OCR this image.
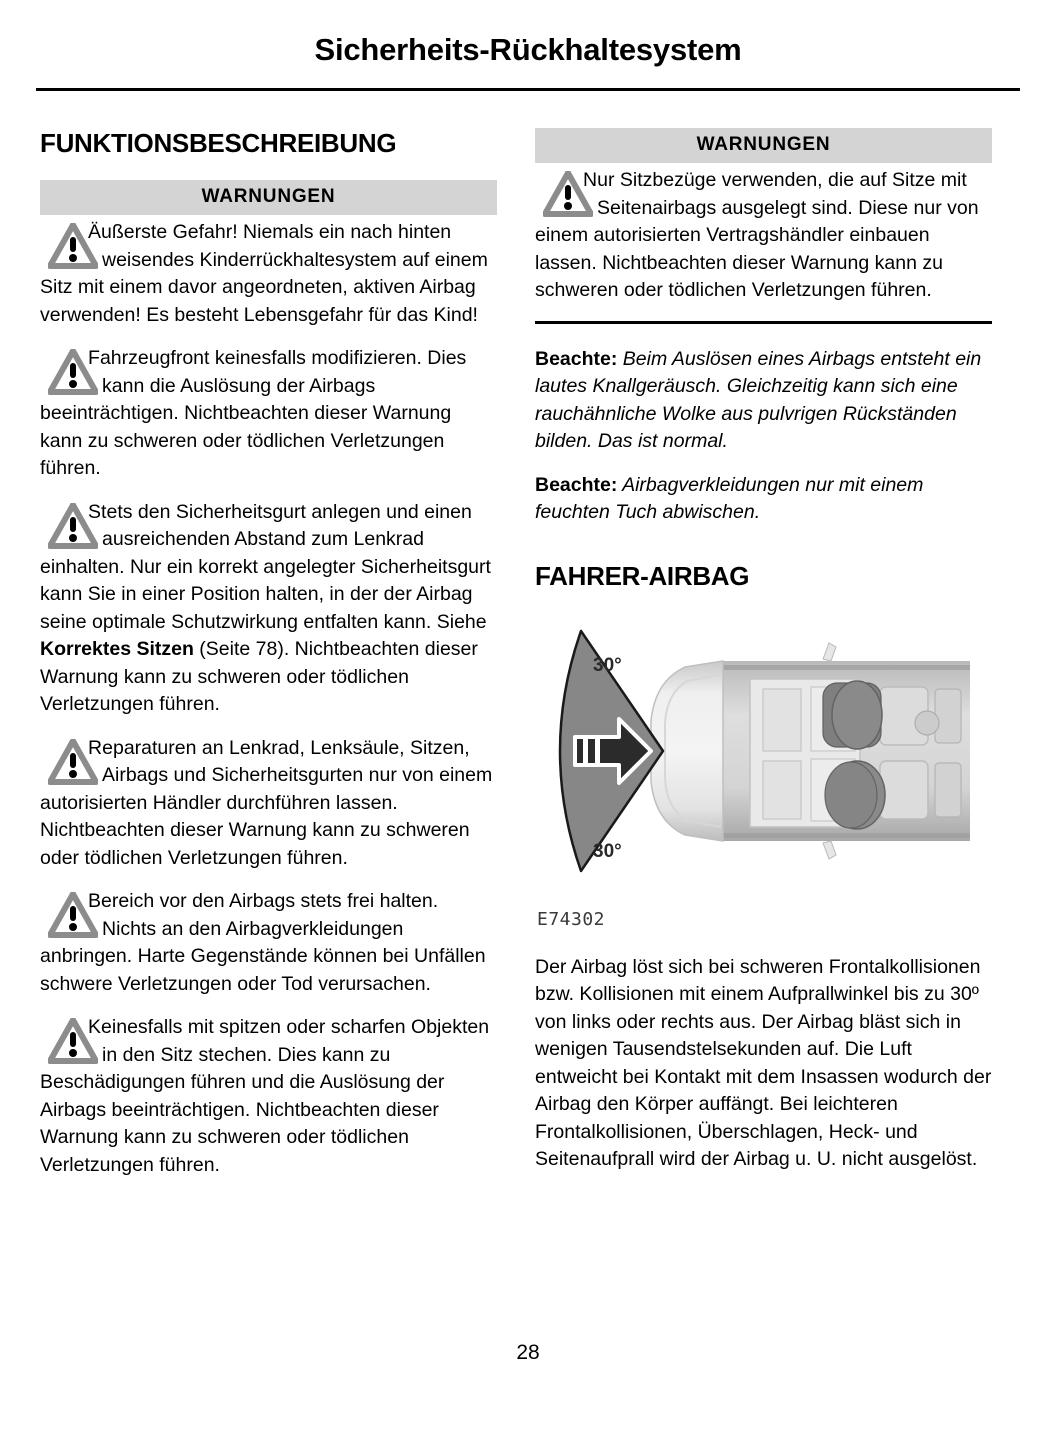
Sicherheits-Rückhaltesystem
FUNKTIONSBESCHREIBUNG
WARNUNGEN

Äußerste Gefahr! Niemals ein nach hinten weisendes Kinderrückhaltesystem auf einem Sitz mit einem davor angeordneten, aktiven Airbag verwenden! Es besteht Lebensgefahr für das Kind!

Fahrzeugfront keinesfalls modifizieren. Dies kann die Auslösung der Airbags beeinträchtigen. Nichtbeachten dieser Warnung kann zu schweren oder tödlichen Verletzungen führen.

Stets den Sicherheitsgurt anlegen und einen ausreichenden Abstand zum Lenkrad einhalten. Nur ein korrekt angelegter Sicherheitsgurt kann Sie in einer Position halten, in der der Airbag seine optimale Schutzwirkung entfalten kann. Siehe Korrektes Sitzen (Seite 78). Nichtbeachten dieser Warnung kann zu schweren oder tödlichen Verletzungen führen.

Reparaturen an Lenkrad, Lenksäule, Sitzen, Airbags und Sicherheitsgurten nur von einem autorisierten Händler durchführen lassen. Nichtbeachten dieser Warnung kann zu schweren oder tödlichen Verletzungen führen.

Bereich vor den Airbags stets frei halten. Nichts an den Airbagverkleidungen anbringen. Harte Gegenstände können bei Unfällen schwere Verletzungen oder Tod verursachen.

Keinesfalls mit spitzen oder scharfen Objekten in den Sitz stechen. Dies kann zu Beschädigungen führen und die Auslösung der Airbags beeinträchtigen. Nichtbeachten dieser Warnung kann zu schweren oder tödlichen Verletzungen führen.

WARNUNGEN

Nur Sitzbezüge verwenden, die auf Sitze mit Seitenairbags ausgelegt sind. Diese nur von einem autorisierten Vertragshändler einbauen lassen. Nichtbeachten dieser Warnung kann zu schweren oder tödlichen Verletzungen führen.

Beachte: Beim Auslösen eines Airbags entsteht ein lautes Knallgeräusch. Gleichzeitig kann sich eine rauchähnliche Wolke aus pulvrigen Rückständen bilden. Das ist normal.

Beachte: Airbagverkleidungen nur mit einem feuchten Tuch abwischen.

FAHRER-AIRBAG
30°
30°
E74302

Der Airbag löst sich bei schweren Frontalkollisionen bzw. Kollisionen mit einem Aufprallwinkel bis zu 30º von links oder rechts aus. Der Airbag bläst sich in wenigen Tausendstelsekunden auf. Die Luft entweicht bei Kontakt mit dem Insassen wodurch der Airbag den Körper auffängt. Bei leichteren Frontalkollisionen, Überschlagen, Heck- und Seitenaufprall wird der Airbag u. U. nicht ausgelöst.

28
